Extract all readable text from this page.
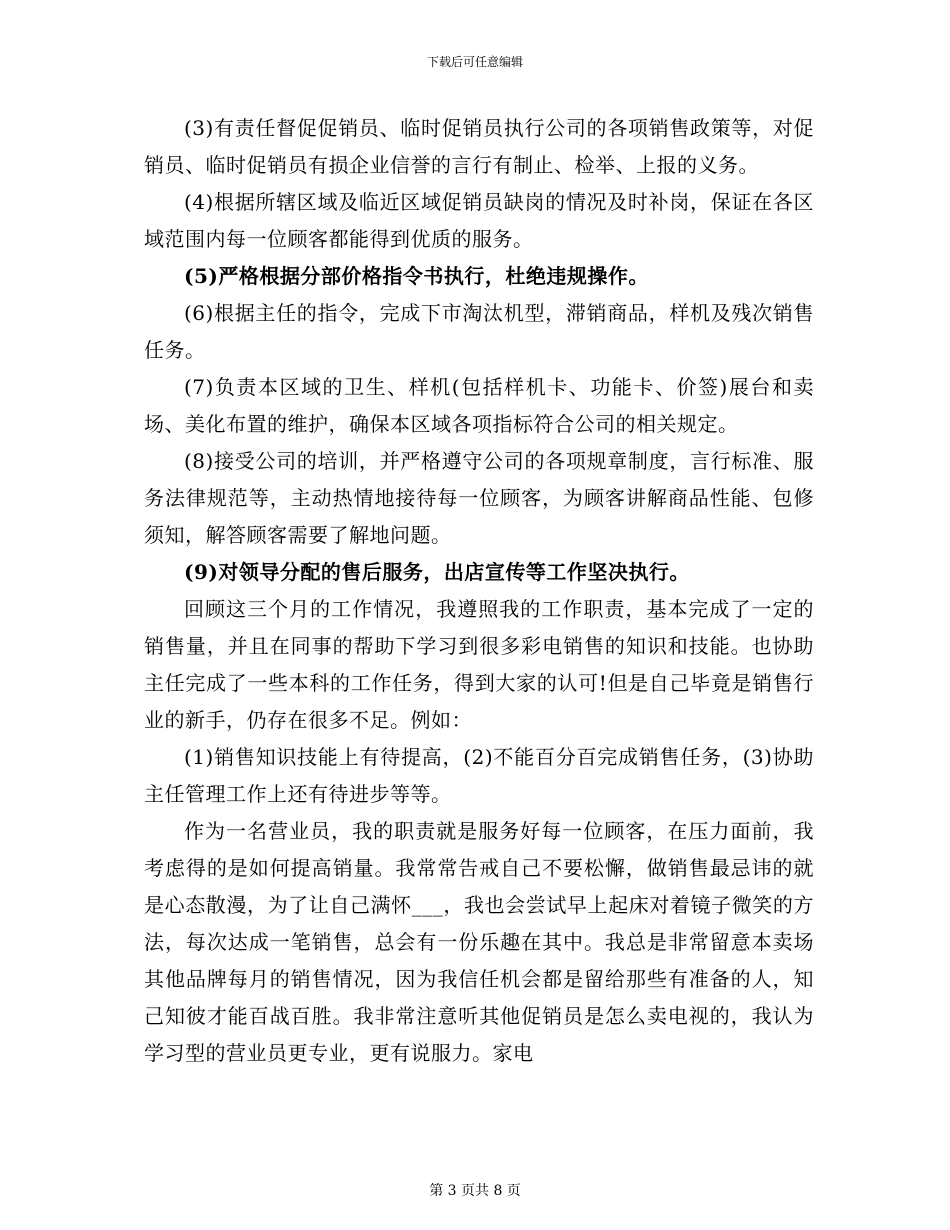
下载后可任意编辑

(3)有责任督促促销员、临时促销员执行公司的各项销售政策等，对促销员、临时促销员有损企业信誉的言行有制止、检举、上报的义务。

(4)根据所辖区域及临近区域促销员缺岗的情况及时补岗，保证在各区域范围内每一位顾客都能得到优质的服务。

(5)严格根据分部价格指令书执行，杜绝违规操作。

(6)根据主任的指令，完成下市淘汰机型，滞销商品，样机及残次销售任务。

(7)负责本区域的卫生、样机(包括样机卡、功能卡、价签)展台和卖场、美化布置的维护，确保本区域各项指标符合公司的相关规定。

(8)接受公司的培训，并严格遵守公司的各项规章制度，言行标准、服务法律规范等，主动热情地接待每一位顾客，为顾客讲解商品性能、包修须知，解答顾客需要了解地问题。

(9)对领导分配的售后服务，出店宣传等工作坚决执行。

回顾这三个月的工作情况，我遵照我的工作职责，基本完成了一定的销售量，并且在同事的帮助下学习到很多彩电销售的知识和技能。也协助主任完成了一些本科的工作任务，得到大家的认可!但是自己毕竟是销售行业的新手，仍存在很多不足。例如：

(1)销售知识技能上有待提高，(2)不能百分百完成销售任务，(3)协助主任管理工作上还有待进步等等。

作为一名营业员，我的职责就是服务好每一位顾客，在压力面前，我考虑得的是如何提高销量。我常常告戒自己不要松懈，做销售最忌讳的就是心态散漫，为了让自己满怀___，我也会尝试早上起床对着镜子微笑的方法，每次达成一笔销售，总会有一份乐趣在其中。我总是非常留意本卖场其他品牌每月的销售情况，因为我信任机会都是留给那些有准备的人，知己知彼才能百战百胜。我非常注意听其他促销员是怎么卖电视的，我认为学习型的营业员更专业，更有说服力。家电

第 3 页共 8 页
